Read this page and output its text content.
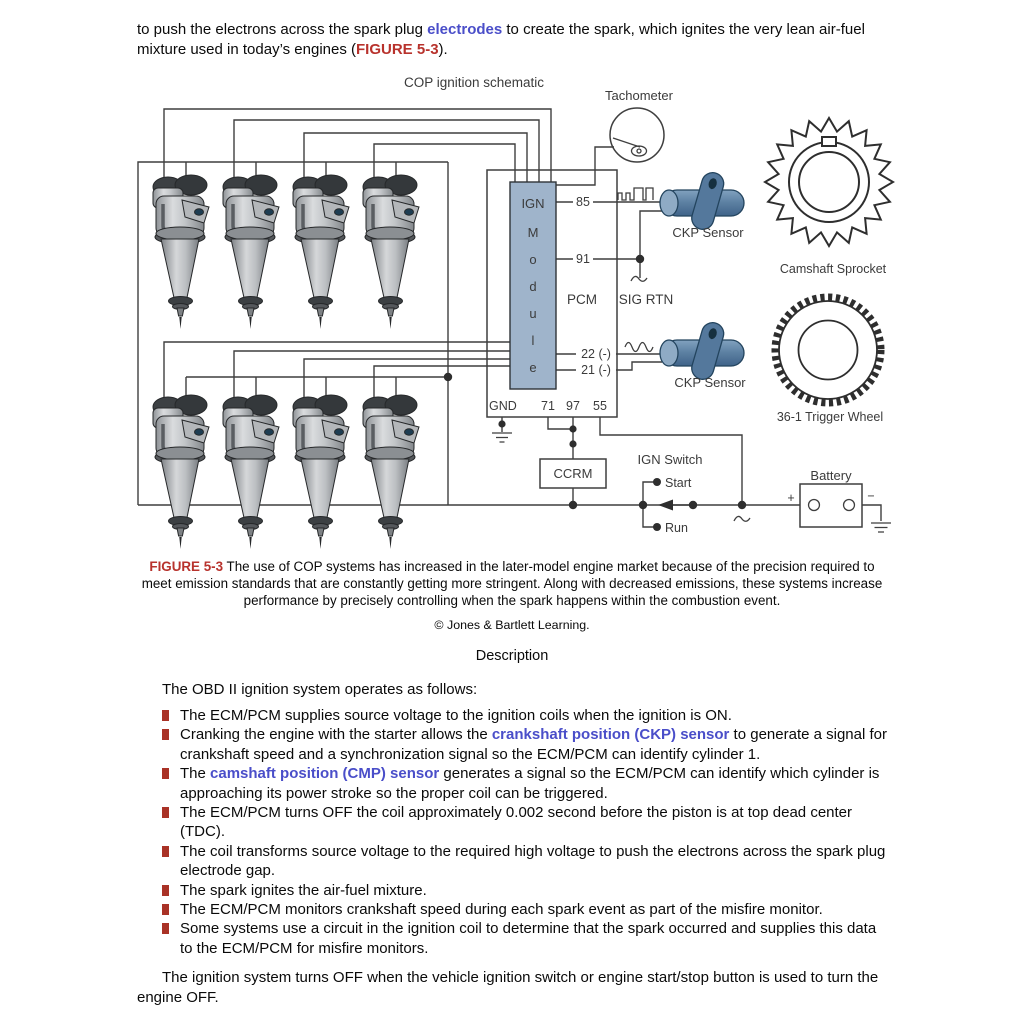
to push the electrons across the spark plug electrodes to create the spark, which ignites the very lean air-fuel mixture used in today’s engines (FIGURE 5-3).

COP ignition schematic
IGN
M
o
d
u
l
e
PCM SIG RTN
85
91
22 (-)
21 (-)
GND 71 97 55
Tachometer
CKP Sensor
CKP Sensor
Camshaft Sprocket
36-1 Trigger Wheel
CCRM
IGN Switch
Start
Run
Battery
+	−

FIGURE 5-3 The use of COP systems has increased in the later-model engine market because of the precision required to meet emission standards that are constantly getting more stringent. Along with decreased emissions, these systems increase performance by precisely controlling when the spark happens within the combustion event.

© Jones & Bartlett Learning.

Description

The OBD II ignition system operates as follows:

The ECM/PCM supplies source voltage to the ignition coils when the ignition is ON.
Cranking the engine with the starter allows the crankshaft position (CKP) sensor to generate a signal for crankshaft speed and a synchronization signal so the ECM/PCM can identify cylinder 1.
The camshaft position (CMP) sensor generates a signal so the ECM/PCM can identify which cylinder is approaching its power stroke so the proper coil can be triggered.
The ECM/PCM turns OFF the coil approximately 0.002 second before the piston is at top dead center (TDC).
The coil transforms source voltage to the required high voltage to push the electrons across the spark plug electrode gap.
The spark ignites the air-fuel mixture.
The ECM/PCM monitors crankshaft speed during each spark event as part of the misfire monitor.
Some systems use a circuit in the ignition coil to determine that the spark occurred and supplies this data to the ECM/PCM for misfire monitors.

The ignition system turns OFF when the vehicle ignition switch or engine start/stop button is used to turn the engine OFF.
